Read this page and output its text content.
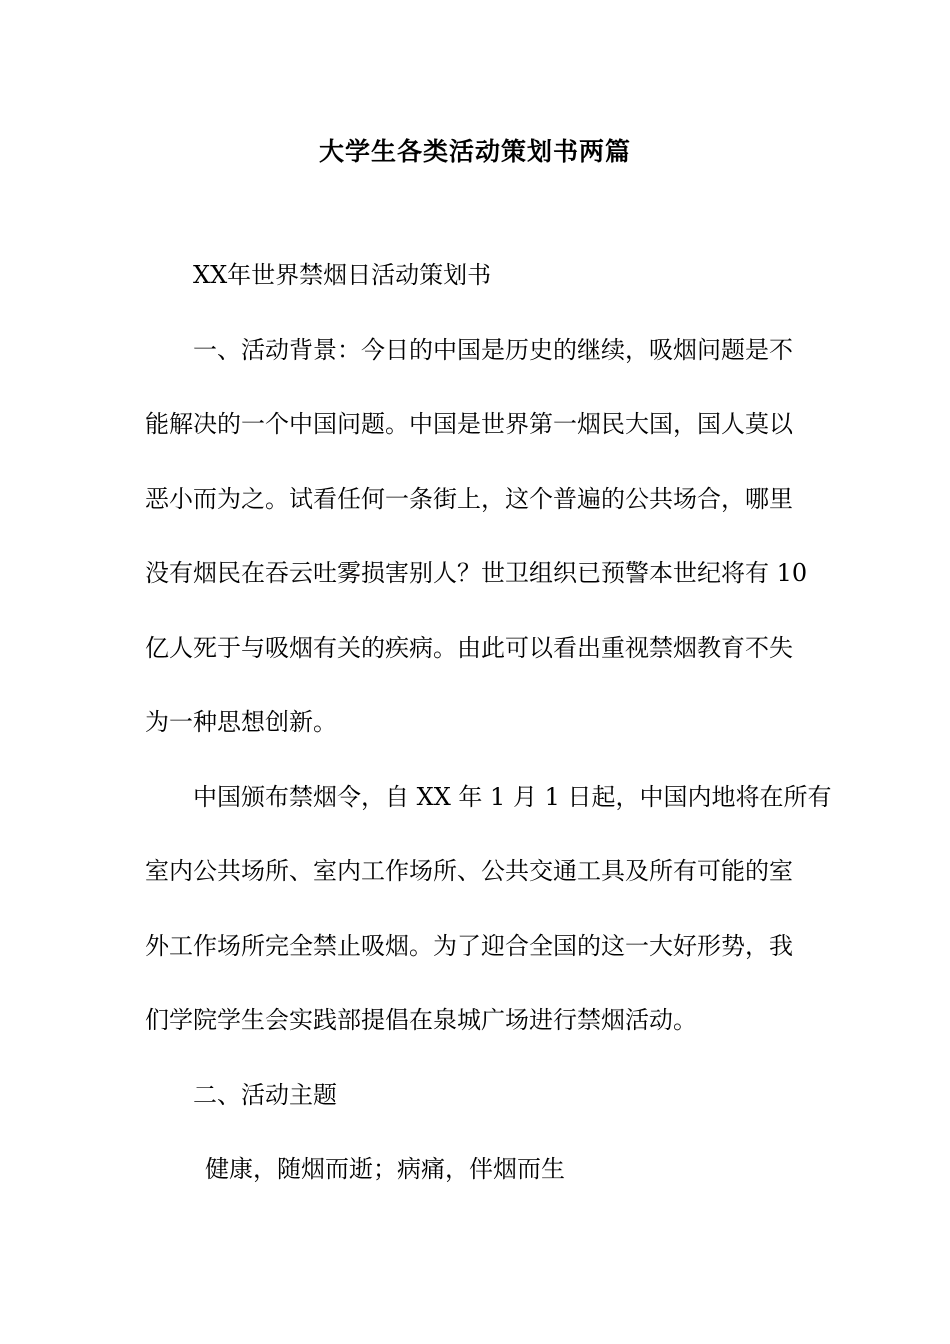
大学生各类活动策划书两篇
XX年世界禁烟日活动策划书
一、活动背景：今日的中国是历史的继续，吸烟问题是不
能解决的一个中国问题。中国是世界第一烟民大国，国人莫以
恶小而为之。试看任何一条街上，这个普遍的公共场合，哪里
没有烟民在吞云吐雾损害别人？世卫组织已预警本世纪将有 10
亿人死于与吸烟有关的疾病。由此可以看出重视禁烟教育不失
为一种思想创新。
中国颁布禁烟令，自 XX 年 1 月 1 日起，中国内地将在所有
室内公共场所、室内工作场所、公共交通工具及所有可能的室
外工作场所完全禁止吸烟。为了迎合全国的这一大好形势，我
们学院学生会实践部提倡在泉城广场进行禁烟活动。
二、活动主题
健康，随烟而逝；病痛，伴烟而生
